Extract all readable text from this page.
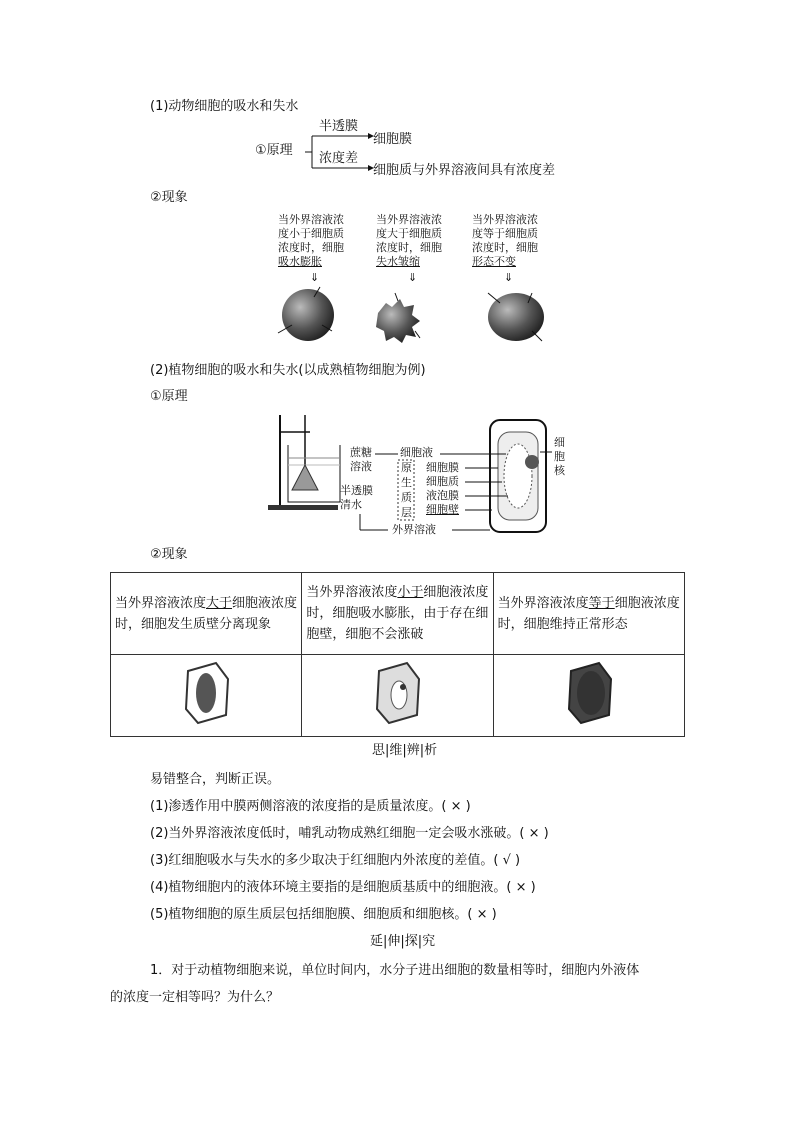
(1)动物细胞的吸水和失水
①原理
半透膜
细胞膜
浓度差
细胞质与外界溶液间具有浓度差
②现象
当外界溶液浓
度小于细胞质
浓度时，细胞
吸水膨胀
当外界溶液浓
度大于细胞质
浓度时，细胞
失水皱缩
当外界溶液浓
度等于细胞质
浓度时，细胞
形态不变
⇓	⇓	⇓
(2)植物细胞的吸水和失水(以成熟植物细胞为例)
①原理
蔗糖
溶液
半透膜
清水
细胞液
原
生
质
层
细胞膜
细胞质
液泡膜
细胞壁
外界溶液
细
胞
核
②现象
当外界溶液浓度大于细胞液浓度时，细胞发生质壁分离现象	当外界溶液浓度小于细胞液浓度时，细胞吸水膨胀，由于存在细胞壁，细胞不会涨破	当外界溶液浓度等于细胞液浓度时，细胞维持正常形态

思|维|辨|析
易错整合，判断正误。
(1)渗透作用中膜两侧溶液的浓度指的是质量浓度。( × )
(2)当外界溶液浓度低时，哺乳动物成熟红细胞一定会吸水涨破。( × )
(3)红细胞吸水与失水的多少取决于红细胞内外浓度的差值。( √ )
(4)植物细胞内的液体环境主要指的是细胞质基质中的细胞液。( × )
(5)植物细胞的原生质层包括细胞膜、细胞质和细胞核。( × )
延|伸|探|究
1．对于动植物细胞来说，单位时间内，水分子进出细胞的数量相等时，细胞内外液体
的浓度一定相等吗？为什么？
